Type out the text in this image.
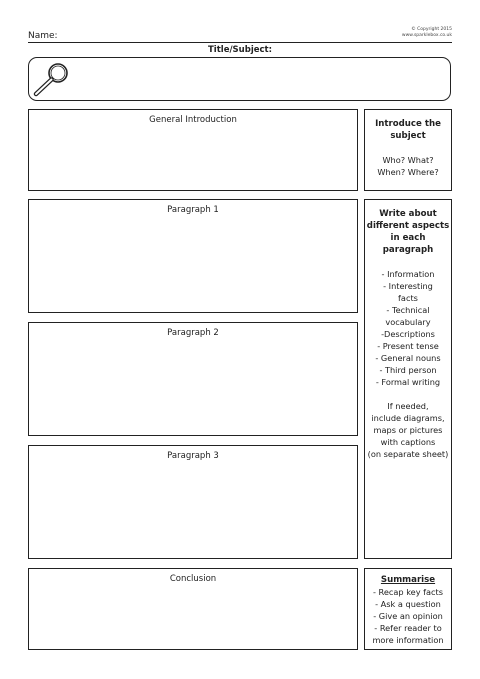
Name:
© Copyright 2015
www.sparklebox.co.uk
Title/Subject:
General Introduction
Paragraph 1
Paragraph 2
Paragraph 3
Conclusion
Introduce the
subject
Who? What?
When? Where?
Write about
different aspects
in each paragraph
- Information
- Interesting
facts
- Technical
vocabulary
-Descriptions
- Present tense
- General nouns
- Third person
- Formal writing
If needed,
include diagrams,
maps or pictures
with captions
(on separate sheet)
Summarise
- Recap key facts
- Ask a question
- Give an opinion
- Refer reader to
more information
